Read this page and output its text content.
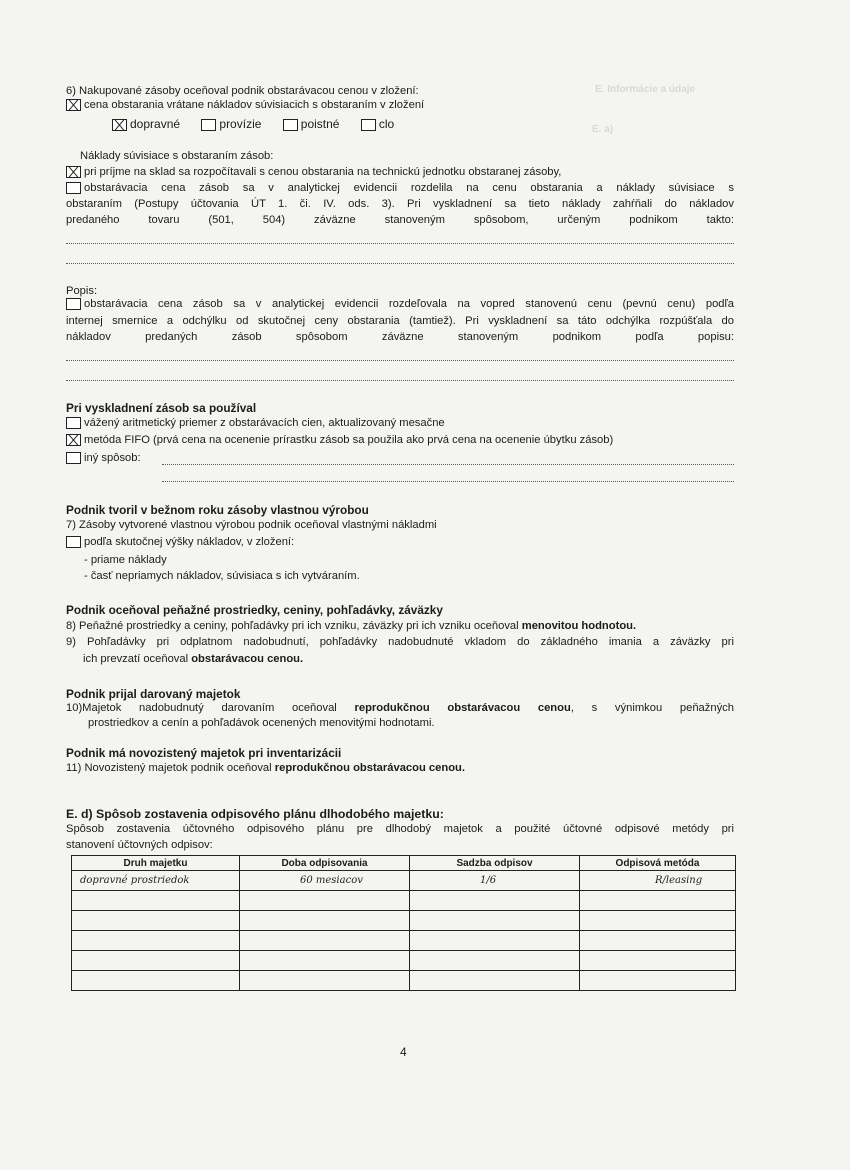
E. Informácie a údaje
E. a)
6) Nakupované zásoby oceňoval podnik obstarávacou cenou v zložení:
cena obstarania vrátane nákladov súvisiacich s obstaraním v zložení
dopravné	provízie	poistné	clo
Náklady súvisiace s obstaraním zásob:
pri príjme na sklad sa rozpočítavali s cenou obstarania na technickú jednotku obstaranej zásoby,
obstarávacia cena zásob sa v analytickej evidencii rozdelila na cenu obstarania a náklady súvisiace s
obstaraním (Postupy účtovania ÚT 1. či. IV. ods. 3). Pri vyskladnení sa tieto náklady zahŕňali do nákladov
predaného tovaru (501, 504) záväzne stanoveným spôsobom, určeným podnikom takto:
Popis:
obstarávacia cena zásob sa v analytickej evidencii rozdeľovala na vopred stanovenú cenu (pevnú cenu) podľa
internej smernice a odchýlku od skutočnej ceny obstarania (tamtiež). Pri vyskladnení sa táto odchýlka rozpúšťala do
nákladov predaných zásob spôsobom záväzne stanoveným podnikom podľa popisu:
Pri vyskladnení zásob sa používal
vážený aritmetický priemer z obstarávacích cien, aktualizovaný mesačne
metóda FIFO (prvá cena na ocenenie prírastku zásob sa použila ako prvá cena na ocenenie úbytku zásob)
iný spôsob:
Podnik tvoril v bežnom roku zásoby vlastnou výrobou
7) Zásoby vytvorené vlastnou výrobou podnik oceňoval vlastnými nákladmi
podľa skutočnej výšky nákladov, v zložení:
- priame náklady
- časť nepriamych nákladov, súvisiaca s ich vytváraním.
Podnik oceňoval peňažné prostriedky, ceniny, pohľadávky, záväzky
8) Peňažné prostriedky a ceniny, pohľadávky pri ich vzniku, záväzky pri ich vzniku oceňoval menovitou hodnotou.
9) Pohľadávky pri odplatnom nadobudnutí, pohľadávky nadobudnuté vkladom do základného imania a záväzky pri
ich prevzatí oceňoval obstarávacou cenou.
Podnik prijal darovaný majetok
10)Majetok nadobudnutý darovaním oceňoval reprodukčnou obstarávacou cenou, s výnimkou peňažných
prostriedkov a cenín a pohľadávok ocenených menovitými hodnotami.
Podnik má novozistený majetok pri inventarizácii
11) Novozistený majetok podnik oceňoval reprodukčnou obstarávacou cenou.
E. d) Spôsob zostavenia odpisového plánu dlhodobého majetku:
Spôsob zostavenia účtovného odpisového plánu pre dlhodobý majetok a použité účtovné odpisové metódy pri
stanovení účtovných odpisov:
Druh majetku	Doba odpisovania	Sadzba odpisov	Odpisová metóda
dopravné prostriedok	60 mesiacov	1/6	R/leasing

4
